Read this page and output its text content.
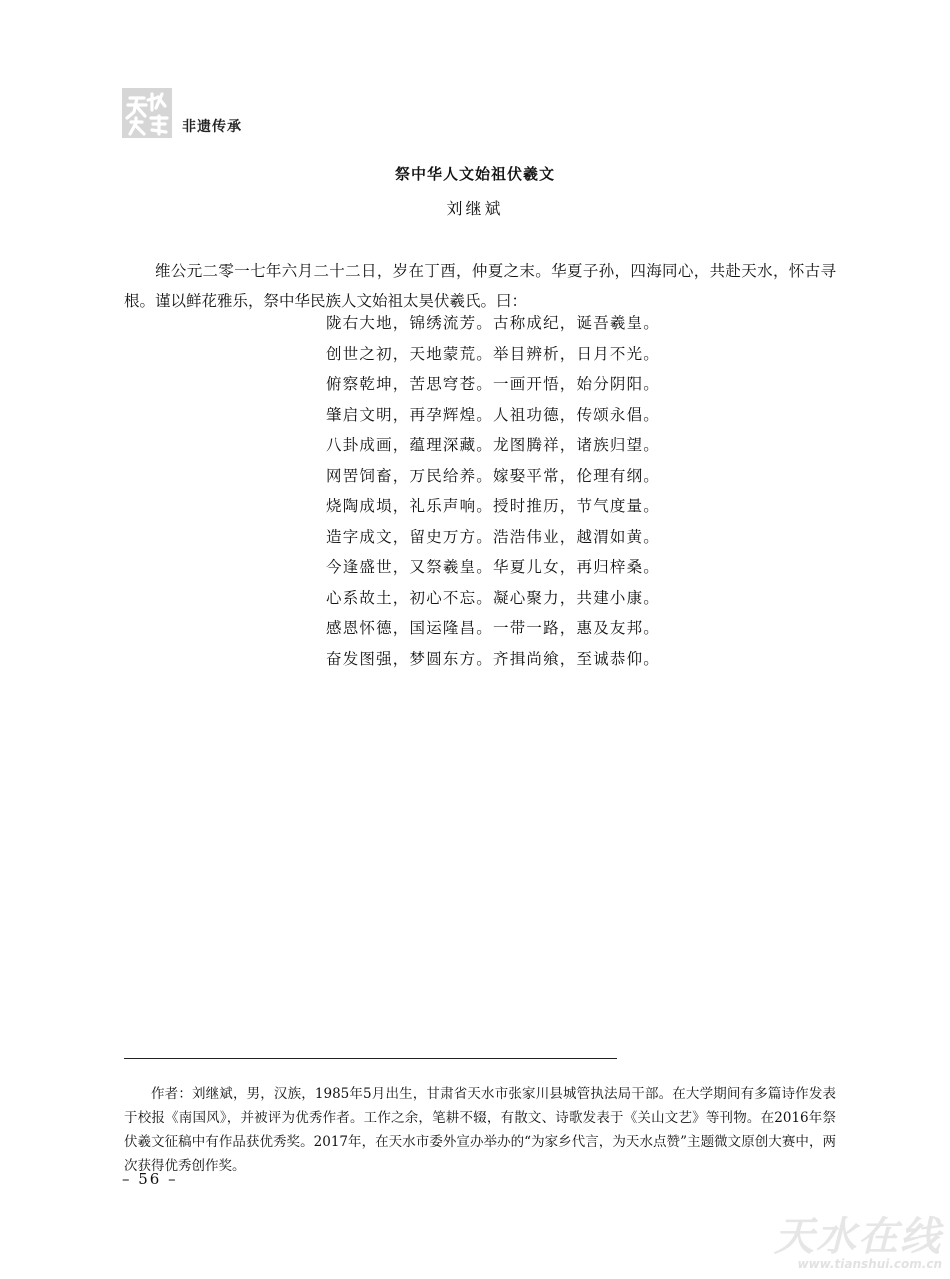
非遗传承
祭中华人文始祖伏羲文
刘继斌

维公元二零一七年六月二十二日，岁在丁酉，仲夏之末。华夏子孙，四海同心，共赴天水，怀古寻根。谨以鲜花雅乐，祭中华民族人文始祖太昊伏羲氏。曰：

陇右大地，锦绣流芳。古称成纪，诞吾羲皇。
创世之初，天地蒙荒。举目辨析，日月不光。
俯察乾坤，苦思穹苍。一画开悟，始分阴阳。
肇启文明，再孕辉煌。人祖功德，传颂永倡。
八卦成画，蕴理深藏。龙图腾祥，诸族归望。
网罟饲畜，万民给养。嫁娶平常，伦理有纲。
烧陶成埙，礼乐声响。授时推历，节气度量。
造字成文，留史万方。浩浩伟业，越渭如黄。
今逢盛世，又祭羲皇。华夏儿女，再归梓桑。
心系故土，初心不忘。凝心聚力，共建小康。
感恩怀德，国运隆昌。一带一路，惠及友邦。
奋发图强，梦圆东方。齐揖尚飨，至诚恭仰。

作者：刘继斌，男，汉族，1985年5月出生，甘肃省天水市张家川县城管执法局干部。在大学期间有多篇诗作发表于校报《南国风》，并被评为优秀作者。工作之余，笔耕不辍，有散文、诗歌发表于《关山文艺》等刊物。在2016年祭伏羲文征稿中有作品获优秀奖。2017年，在天水市委外宣办举办的“为家乡代言，为天水点赞”主题微文原创大赛中，两次获得优秀创作奖。

– 56 –
天水在线
www.tianshui.com.cn
